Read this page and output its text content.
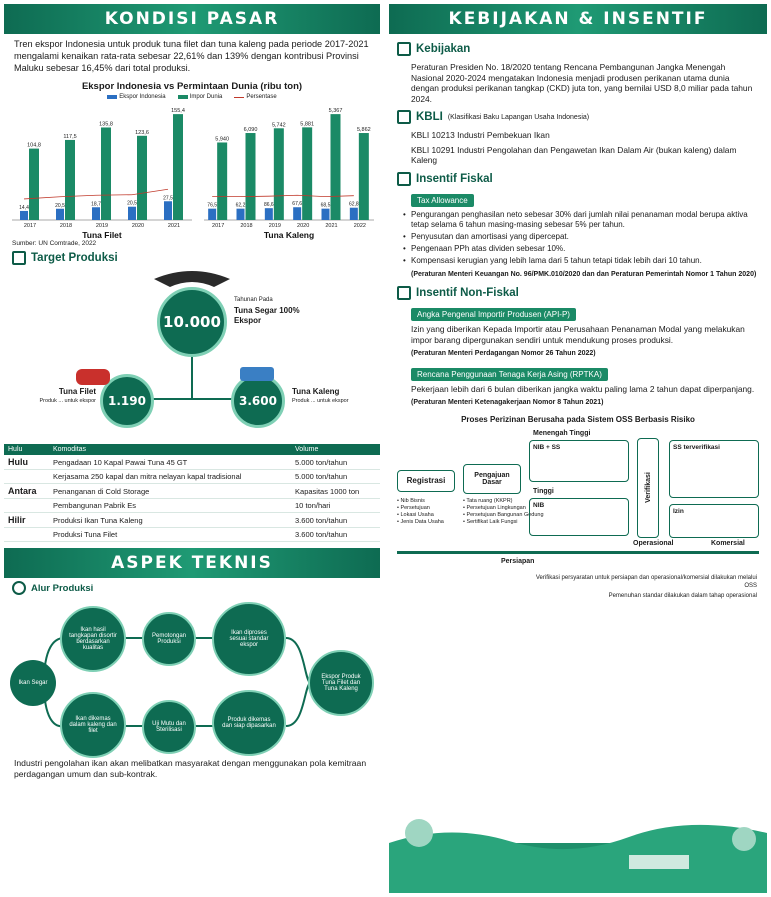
KONDISI PASAR
Tren ekspor Indonesia untuk produk tuna filet dan tuna kaleng pada periode 2017-2021 mengalami kenaikan rata-rata sebesar 22,61% dan 139% dengan kontribusi Provinsi Maluku sebesar 16,45% dari total produksi.
Ekspor Indonesia vs Permintaan Dunia (ribu ton)
Ekspor Indonesia	Impor Dunia	Persentase
14,4
104,8
2017
20,5
117,5
2018
18,7
135,8
2019
20,5
123,6
2020
27,5
155,4
2021
Tuna Filet
76,5
5,940
2017
62,2
6,090
2018
86,6
5,742
2019
67,6
5,881
2020
68,5
5,367
2021
62,8
5,862
2022
Tuna Kaleng
Sumber: UN Comtrade, 2022
Target Produksi
10.000
Tahunan Pada
Tuna Segar 100% Ekspor
1.190
Tuna Filet
Produk ... untuk ekspor	3.600
Tuna Kaleng
Produk ... untuk ekspor
Hulu	Komoditas	Volume
Hulu	Pengadaan 10 Kapal Pawai Tuna 45 GT	5.000 ton/tahun
	Kerjasama 250 kapal dan mitra nelayan kapal tradisional	5.000 ton/tahun
Antara	Penanganan di Cold Storage	Kapasitas 1000 ton
	Pembangunan Pabrik Es	10 ton/hari
Hilir	Produksi Ikan Tuna Kaleng	3.600 ton/tahun
	Produksi Tuna Filet	3.600 ton/tahun
ASPEK TEKNIS
Alur Produksi
Ikan Segar
Ikan hasil tangkapan disortir berdasarkan kualitas
Pemotongan Produksi
Ikan diproses sesuai standar ekspor
Ikan dikemas dalam kaleng dan filet
Uji Mutu dan Sterilisasi
Produk dikemas dan siap dipasarkan
Ekspor Produk Tuna Filet dan Tuna Kaleng
Industri pengolahan ikan akan melibatkan masyarakat dengan menggunakan pola kemitraan perdagangan umum dan sub-kontrak.
KEBIJAKAN & INSENTIF
Kebijakan
Peraturan Presiden No. 18/2020 tentang Rencana Pembangunan Jangka Menengah Nasional 2020-2024 mengatakan Indonesia menjadi produsen perikanan utama dunia dengan produksi perikanan tangkap (CKD) juta ton, yang bernilai USD 8,0 miliar pada tahun 2024.
KBLI (Klasifikasi Baku Lapangan Usaha Indonesia)
KBLI 10213 Industri Pembekuan Ikan
KBLI 10291 Industri Pengolahan dan Pengawetan Ikan Dalam Air (bukan kaleng) dalam Kaleng
Insentif Fiskal
Tax Allowance
• Pengurangan penghasilan neto sebesar 30% dari jumlah nilai penanaman modal berupa aktiva tetap selama 6 tahun masing-masing sebesar 5% per tahun.
• Penyusutan dan amortisasi yang dipercepat.
• Pengenaan PPh atas dividen sebesar 10%.
• Kompensasi kerugian yang lebih lama dari 5 tahun tetapi tidak lebih dari 10 tahun.
(Peraturan Menteri Keuangan No. 96/PMK.010/2020 dan dan Peraturan Pemerintah Nomor 1 Tahun 2020)
Insentif Non-Fiskal
Angka Pengenal Importir Produsen (API-P)
Izin yang diberikan Kepada Importir atau Perusahaan Penanaman Modal yang melakukan impor barang dipergunakan sendiri untuk mendukung proses produksi.
(Peraturan Menteri Perdagangan Nomor 26 Tahun 2022)
Rencana Penggunaan Tenaga Kerja Asing (RPTKA)
Pekerjaan lebih dari 6 bulan diberikan jangka waktu paling lama 2 tahun dapat diperpanjang.
(Peraturan Menteri Ketenagakerjaan Nomor 8 Tahun 2021)
Proses Perizinan Berusaha pada Sistem OSS Berbasis Risiko
Registrasi
• Nib Bisnis
• Persetujuan
• Lokasi Usaha
• Jenis Data Usaha
Pengajuan Dasar
• Tata ruang (KKPR)
• Persetujuan Lingkungan
• Persetujuan Bangunan Gedung
• Sertifikat Laik Fungsi
Menengah Tinggi
NIB + SS
Tinggi
NIB
Verifikasi
SS terverifikasi
Izin
Persiapan
Operasional	Komersial
Verifikasi persyaratan untuk persiapan dan operasional/komersial dilakukan melalui OSS
Pemenuhan standar dilakukan dalam tahap operasional
